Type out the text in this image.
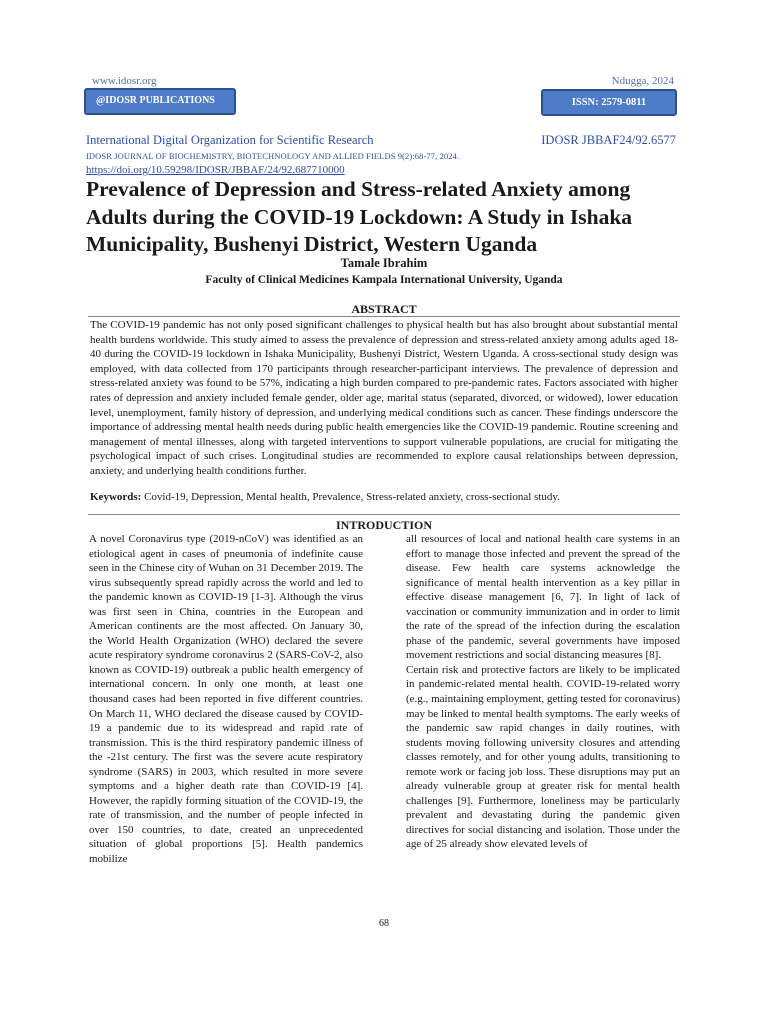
www.idosr.org	Ndugga, 2024
@IDOSR PUBLICATIONS	ISSN: 2579-0811
International Digital Organization for Scientific Research	IDOSR JBBAF24/92.6577
IDOSR JOURNAL OF BIOCHEMISTRY, BIOTECHNOLOGY AND ALLIED FIELDS 9(2):68-77, 2024.
https://doi.org/10.59298/IDOSR/JBBAF/24/92.687710000
Prevalence of Depression and Stress-related Anxiety among Adults during the COVID-19 Lockdown: A Study in Ishaka Municipality, Bushenyi District, Western Uganda
Tamale Ibrahim
Faculty of Clinical Medicines Kampala International University, Uganda
ABSTRACT

The COVID-19 pandemic has not only posed significant challenges to physical health but has also brought about substantial mental health burdens worldwide. This study aimed to assess the prevalence of depression and stress-related anxiety among adults aged 18-40 during the COVID-19 lockdown in Ishaka Municipality, Bushenyi District, Western Uganda. A cross-sectional study design was employed, with data collected from 170 participants through researcher-participant interviews. The prevalence of depression and stress-related anxiety was found to be 57%, indicating a high burden compared to pre-pandemic rates. Factors associated with higher rates of depression and anxiety included female gender, older age, marital status (separated, divorced, or widowed), lower education level, unemployment, family history of depression, and underlying medical conditions such as cancer. These findings underscore the importance of addressing mental health needs during public health emergencies like the COVID-19 pandemic. Routine screening and management of mental illnesses, along with targeted interventions to support vulnerable populations, are crucial for mitigating the psychological impact of such crises. Longitudinal studies are recommended to explore causal relationships between depression, anxiety, and underlying health conditions further.

Keywords: Covid-19, Depression, Mental health, Prevalence, Stress-related anxiety, cross-sectional study.
INTRODUCTION

A novel Coronavirus type (2019-nCoV) was identified as an etiological agent in cases of pneumonia of indefinite cause seen in the Chinese city of Wuhan on 31 December 2019. The virus subsequently spread rapidly across the world and led to the pandemic known as COVID-19 [1-3]. Although the virus was first seen in China, countries in the European and American continents are the most affected. On January 30, the World Health Organization (WHO) declared the severe acute respiratory syndrome coronavirus 2 (SARS-CoV-2, also known as COVID-19) outbreak a public health emergency of international concern. In only one month, at least one thousand cases had been reported in five different countries. On March 11, WHO declared the disease caused by COVID-19 a pandemic due to its widespread and rapid rate of transmission. This is the third respiratory pandemic illness of the -21st century. The first was the severe acute respiratory syndrome (SARS) in 2003, which resulted in more severe symptoms and a higher death rate than COVID-19 [4]. However, the rapidly forming situation of the COVID-19, the rate of transmission, and the number of people infected in over 150 countries, to date, created an unprecedented situation of global proportions [5]. Health pandemics mobilize

all resources of local and national health care systems in an effort to manage those infected and prevent the spread of the disease. Few health care systems acknowledge the significance of mental health intervention as a key pillar in effective disease management [6, 7]. In light of lack of vaccination or community immunization and in order to limit the rate of the spread of the infection during the escalation phase of the pandemic, several governments have imposed movement restrictions and social distancing measures [8].

Certain risk and protective factors are likely to be implicated in pandemic-related mental health. COVID-19-related worry (e.g., maintaining employment, getting tested for coronavirus) may be linked to mental health symptoms. The early weeks of the pandemic saw rapid changes in daily routines, with students moving following university closures and attending classes remotely, and for other young adults, transitioning to remote work or facing job loss. These disruptions may put an already vulnerable group at greater risk for mental health challenges [9]. Furthermore, loneliness may be particularly prevalent and devastating during the pandemic given directives for social distancing and isolation. Those under the age of 25 already show elevated levels of

68
